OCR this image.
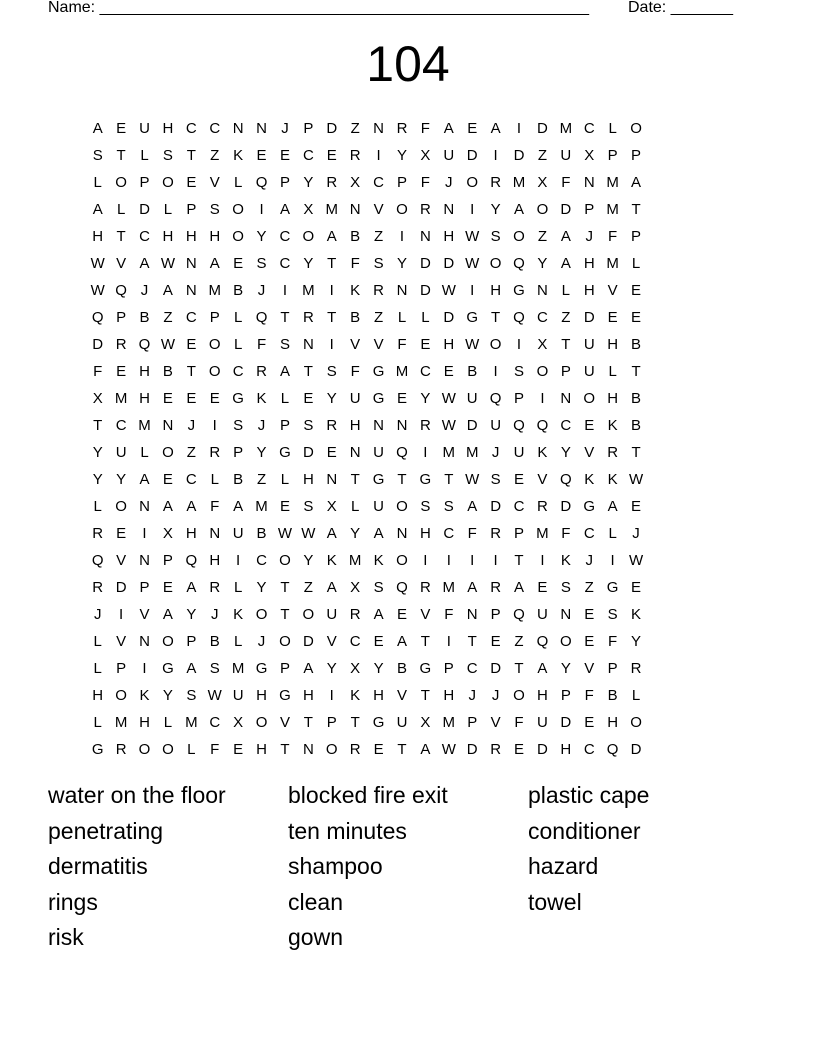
Name: _______________________________________________________ Date: _______
104
A E U H C C N N J P D Z N R F A E A	I	D M C L O
S T L S T Z K E E C E R	I	Y X U D	I	D Z U X P P
L O P O E V L Q P Y R X C P F	J O R M X F N M A
A L D L P S O	I	A X M N V O R N	I	Y A O D P M T
H T C H H H O Y C O A B Z	I	N H W S O Z A J	F P
W V A W N A E S C Y T F S Y D D W O Q Y A H M L
W Q J A N M B J	I	M	I	K R N D W I	H G N L H V E
Q P B Z C P L Q T R T B Z L	L D G T Q C Z D E E
D R Q W E O L F S N	I	V V F E H W O	I	X T U H B
F E H B T O C R A T S F G M C E B	I	S O P U L T
X M H E E E G K L E Y U G E Y W U Q P	I	N O H B
T C M N J	I	S J P S R H N N R W D U Q Q C E K B
Y U L O Z R P Y G D E N U Q	I	M M J U K Y V R T
Y Y A E C L B Z L H N T G T G T W S E V Q K K W
L O N A A F A M E S X L U O S S A D C R D G A E
R E	I	X H N U B W W A Y A N H C F R P M F C L	J
Q V N P Q H	I	C O Y K M K O	I	I	I	I	T	I	K J	I W
R D P E A R L Y T Z A X S Q R M A R A E S Z G E
J	I	V A Y J K O T O U R A E V F N P Q U N E S K
L V N O P B L	J O D V C E A T	I	T E Z Q O E F Y
L P	I	G A S M G P A Y X Y B G P C D T A Y V P R
H O K Y S W U H G H	I	K H V T H J	J O H P F B L
L M H L M C X O V T P T G U X M P V F U D E H O
G R O O L F E H T N O R E T A W D R E D H C Q D
water on the floor
penetrating
dermatitis
rings
risk
blocked fire exit
ten minutes
shampoo
clean
gown
plastic cape
conditioner
hazard
towel
